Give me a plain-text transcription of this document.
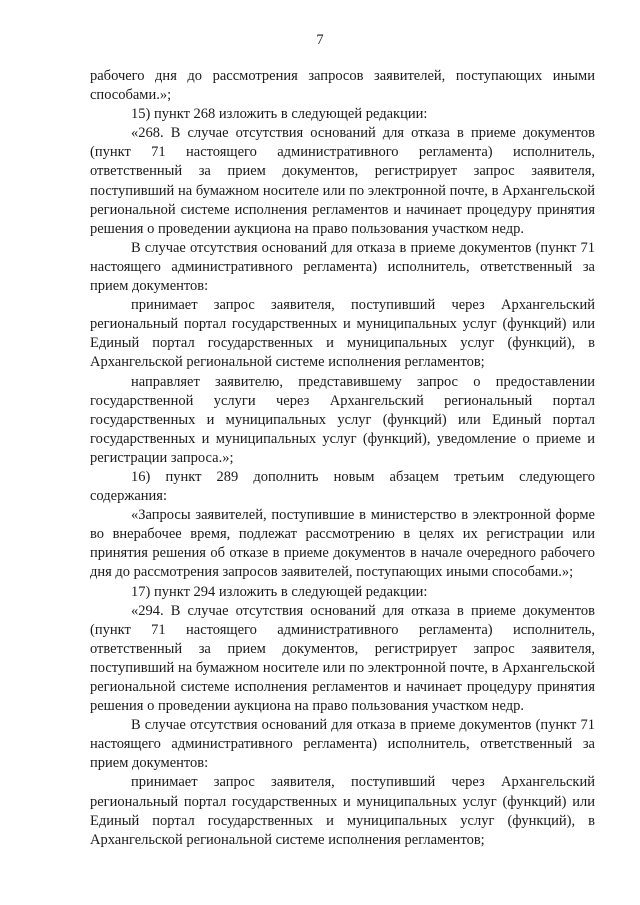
7

рабочего дня до рассмотрения запросов заявителей, поступающих иными способами.»;

15) пункт 268 изложить в следующей редакции:

«268. В случае отсутствия оснований для отказа в приеме документов (пункт 71 настоящего административного регламента) исполнитель, ответственный за прием документов, регистрирует запрос заявителя, поступивший на бумажном носителе или по электронной почте, в Архангельской региональной системе исполнения регламентов и начинает процедуру принятия решения о проведении аукциона на право пользования участком недр.

В случае отсутствия оснований для отказа в приеме документов (пункт 71 настоящего административного регламента) исполнитель, ответственный за прием документов:

принимает запрос заявителя, поступивший через Архангельский региональный портал государственных и муниципальных услуг (функций) или Единый портал государственных и муниципальных услуг (функций), в Архангельской региональной системе исполнения регламентов;

направляет заявителю, представившему запрос о предоставлении государственной услуги через Архангельский региональный портал государственных и муниципальных услуг (функций) или Единый портал государственных и муниципальных услуг (функций), уведомление о приеме и регистрации запроса.»;

16) пункт 289 дополнить новым абзацем третьим следующего содержания:

«Запросы заявителей, поступившие в министерство в электронной форме во внерабочее время, подлежат рассмотрению в целях их регистрации или принятия решения об отказе в приеме документов в начале очередного рабочего дня до рассмотрения запросов заявителей, поступающих иными способами.»;

17) пункт 294 изложить в следующей редакции:

«294. В случае отсутствия оснований для отказа в приеме документов (пункт 71 настоящего административного регламента) исполнитель, ответственный за прием документов, регистрирует запрос заявителя, поступивший на бумажном носителе или по электронной почте, в Архангельской региональной системе исполнения регламентов и начинает процедуру принятия решения о проведении аукциона на право пользования участком недр.

В случае отсутствия оснований для отказа в приеме документов (пункт 71 настоящего административного регламента) исполнитель, ответственный за прием документов:

принимает запрос заявителя, поступивший через Архангельский региональный портал государственных и муниципальных услуг (функций) или Единый портал государственных и муниципальных услуг (функций), в Архангельской региональной системе исполнения регламентов;
